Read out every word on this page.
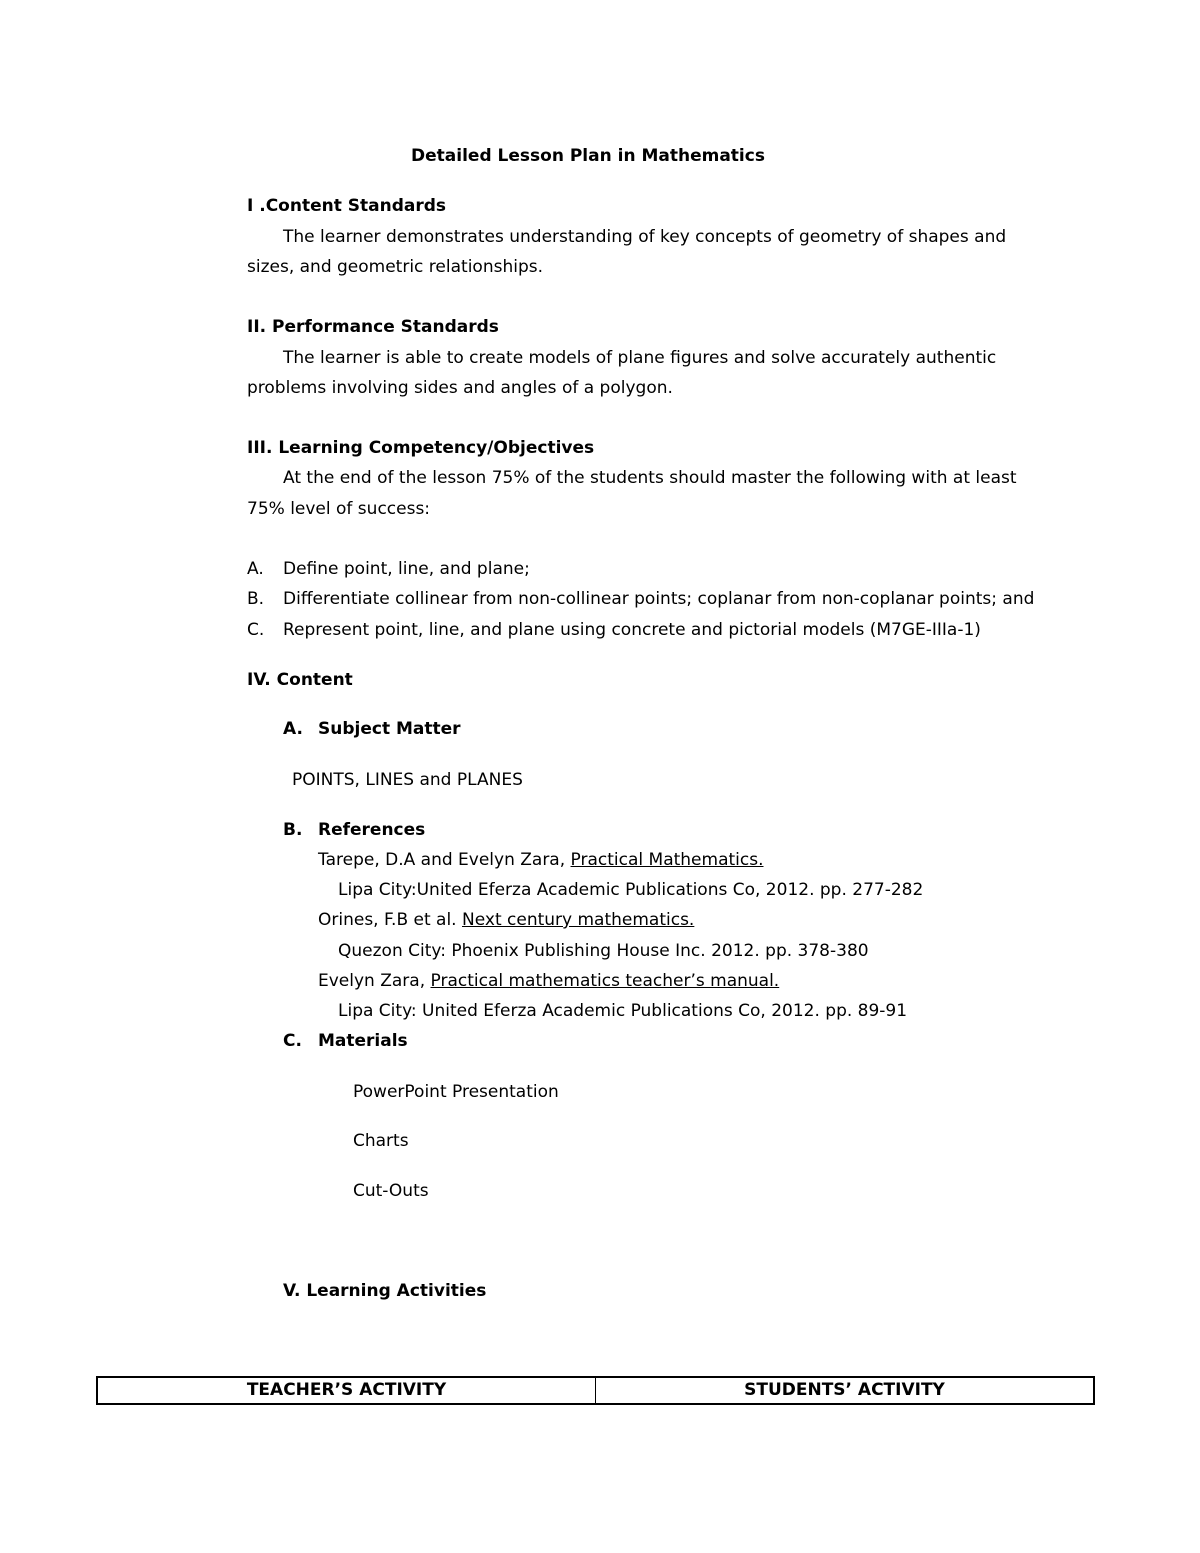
Detailed Lesson Plan in Mathematics
I .Content Standards
The learner demonstrates understanding of key concepts of geometry of shapes and
sizes, and geometric relationships.
II. Performance Standards
The learner is able to create models of plane figures and solve accurately authentic
problems involving sides and angles of a polygon.
III. Learning Competency/Objectives
At the end of the lesson 75% of the students should master the following with at least
75% level of success:
A. Define point, line, and plane;
B. Differentiate collinear from non-collinear points; coplanar from non-coplanar points; and
C. Represent point, line, and plane using concrete and pictorial models (M7GE-IIIa-1)
IV. Content
A. Subject Matter
POINTS, LINES and PLANES
B. References
Tarepe, D.A and Evelyn Zara, Practical Mathematics.
Lipa City:United Eferza Academic Publications Co, 2012. pp. 277-282
Orines, F.B et al. Next century mathematics.
Quezon City: Phoenix Publishing House Inc. 2012. pp. 378-380
Evelyn Zara, Practical mathematics teacher’s manual.
Lipa City: United Eferza Academic Publications Co, 2012. pp. 89-91
C. Materials
PowerPoint Presentation
Charts
Cut-Outs
V. Learning Activities
TEACHER’S ACTIVITY	STUDENTS’ ACTIVITY
